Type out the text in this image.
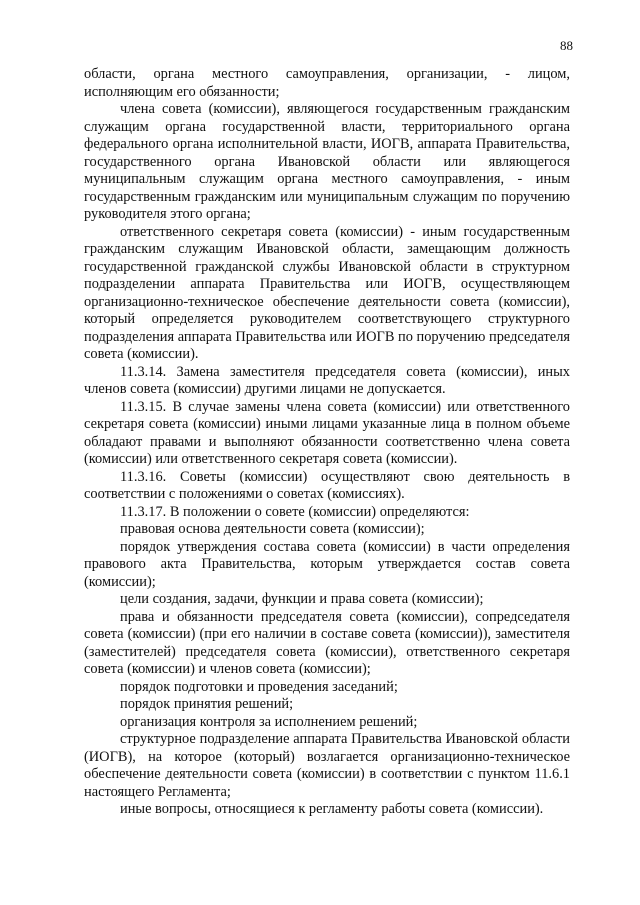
88

области, органа местного самоуправления, организации, - лицом, исполняющим его обязанности;

члена совета (комиссии), являющегося государственным гражданским служащим органа государственной власти, территориального органа федерального органа исполнительной власти, ИОГВ, аппарата Правительства, государственного органа Ивановской области или являющегося муниципальным служащим органа местного самоуправления, - иным государственным гражданским или муниципальным служащим по поручению руководителя этого органа;

ответственного секретаря совета (комиссии) - иным государственным гражданским служащим Ивановской области, замещающим должность государственной гражданской службы Ивановской области в структурном подразделении аппарата Правительства или ИОГВ, осуществляющем организационно-техническое обеспечение деятельности совета (комиссии), который определяется руководителем соответствующего структурного подразделения аппарата Правительства или ИОГВ по поручению председателя совета (комиссии).

11.3.14. Замена заместителя председателя совета (комиссии), иных членов совета (комиссии) другими лицами не допускается.

11.3.15. В случае замены члена совета (комиссии) или ответственного секретаря совета (комиссии) иными лицами указанные лица в полном объеме обладают правами и выполняют обязанности соответственно члена совета (комиссии) или ответственного секретаря совета (комиссии).

11.3.16. Советы (комиссии) осуществляют свою деятельность в соответствии с положениями о советах (комиссиях).

11.3.17. В положении о совете (комиссии) определяются:

правовая основа деятельности совета (комиссии);

порядок утверждения состава совета (комиссии) в части определения правового акта Правительства, которым утверждается состав совета (комиссии);

цели создания, задачи, функции и права совета (комиссии);

права и обязанности председателя совета (комиссии), сопредседателя совета (комиссии) (при его наличии в составе совета (комиссии)), заместителя (заместителей) председателя совета (комиссии), ответственного секретаря совета (комиссии) и членов совета (комиссии);

порядок подготовки и проведения заседаний;

порядок принятия решений;

организация контроля за исполнением решений;

структурное подразделение аппарата Правительства Ивановской области (ИОГВ), на которое (который) возлагается организационно-техническое обеспечение деятельности совета (комиссии) в соответствии с пунктом 11.6.1 настоящего Регламента;

иные вопросы, относящиеся к регламенту работы совета (комиссии).
